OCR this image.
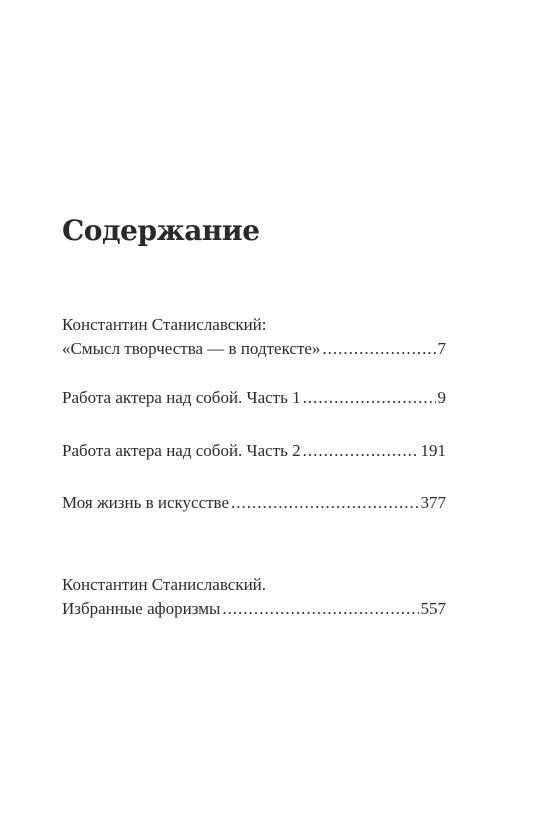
Содержание
Константин Станиславский:
«Смысл творчества — в подтексте» .....	7
Работа актера над собой. Часть 1 .....	9
Работа актера над собой. Часть 2 .....	191
Моя жизнь в искусстве .....	377
Константин Станиславский.
Избранные афоризмы .....	557
